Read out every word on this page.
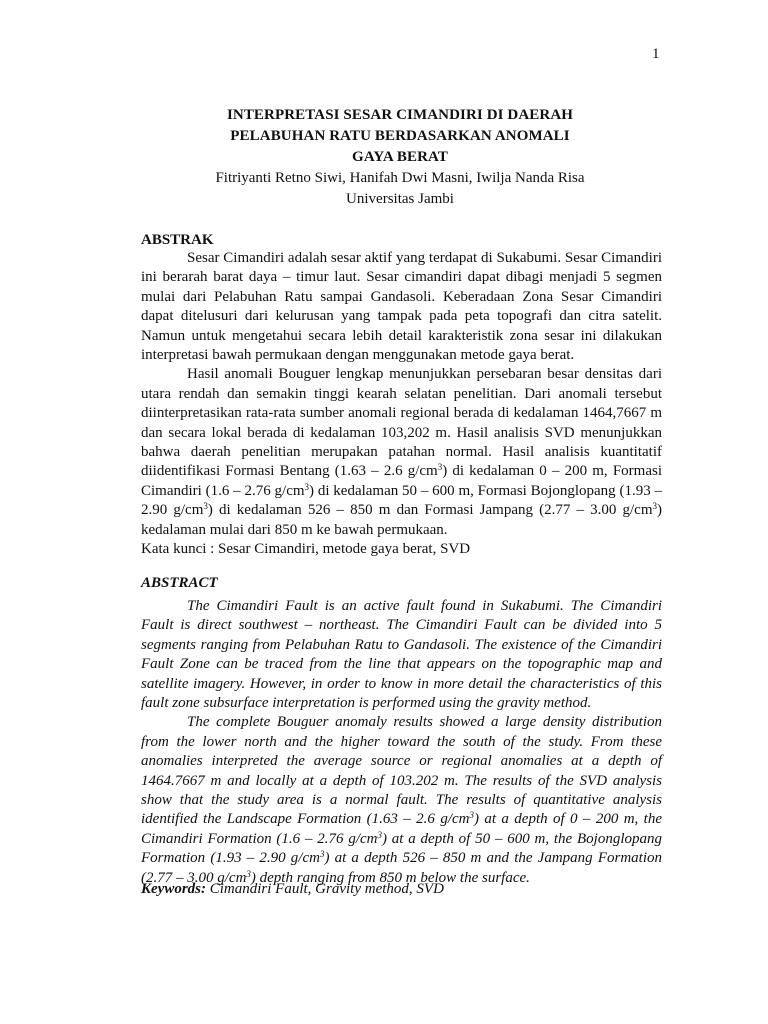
1
INTERPRETASI SESAR CIMANDIRI DI DAERAH
PELABUHAN RATU BERDASARKAN ANOMALI
GAYA BERAT
Fitriyanti Retno Siwi, Hanifah Dwi Masni, Iwilja Nanda Risa
Universitas Jambi
ABSTRAK

Sesar Cimandiri adalah sesar aktif yang terdapat di Sukabumi. Sesar Cimandiri ini berarah barat daya – timur laut. Sesar cimandiri dapat dibagi menjadi 5 segmen mulai dari Pelabuhan Ratu sampai Gandasoli. Keberadaan Zona Sesar Cimandiri dapat ditelusuri dari kelurusan yang tampak pada peta topografi dan citra satelit. Namun untuk mengetahui secara lebih detail karakteristik zona sesar ini dilakukan interpretasi bawah permukaan dengan menggunakan metode gaya berat.

Hasil anomali Bouguer lengkap menunjukkan persebaran besar densitas dari utara rendah dan semakin tinggi kearah selatan penelitian. Dari anomali tersebut diinterpretasikan rata-rata sumber anomali regional berada di kedalaman 1464,7667 m dan secara lokal berada di kedalaman 103,202 m. Hasil analisis SVD menunjukkan bahwa daerah penelitian merupakan patahan normal. Hasil analisis kuantitatif diidentifikasi Formasi Bentang (1.63 – 2.6 $g/cm^3$) di kedalaman 0 – 200 m, Formasi Cimandiri (1.6 – 2.76 $g/cm^3$) di kedalaman 50 – 600 m, Formasi Bojonglopang (1.93 – 2.90 $g/cm^3$) di kedalaman 526 – 850 m dan Formasi Jampang (2.77 – 3.00 $g/cm^3$) kedalaman mulai dari 850 m ke bawah permukaan.

Kata kunci : Sesar Cimandiri, metode gaya berat, SVD
ABSTRACT

The Cimandiri Fault is an active fault found in Sukabumi. The Cimandiri Fault is direct southwest – northeast. The Cimandiri Fault can be divided into 5 segments ranging from Pelabuhan Ratu to Gandasoli. The existence of the Cimandiri Fault Zone can be traced from the line that appears on the topographic map and satellite imagery. However, in order to know in more detail the characteristics of this fault zone subsurface interpretation is performed using the gravity method.

The complete Bouguer anomaly results showed a large density distribution from the lower north and the higher toward the south of the study. From these anomalies interpreted the average source or regional anomalies at a depth of 1464.7667 m and locally at a depth of 103.202 m. The results of the SVD analysis show that the study area is a normal fault. The results of quantitative analysis identified the Landscape Formation (1.63 – 2.6 $g/cm^3$) at a depth of 0 – 200 m, the Cimandiri Formation (1.6 – 2.76 $g/cm^3$) at a depth of 50 – 600 m, the Bojonglopang Formation (1.93 – 2.90 $g/cm^3$) at a depth 526 – 850 m and the Jampang Formation (2.77 – 3.00 $g/cm^3$) depth ranging from 850 m below the surface.

Keywords: Cimandiri Fault, Gravity method, SVD
